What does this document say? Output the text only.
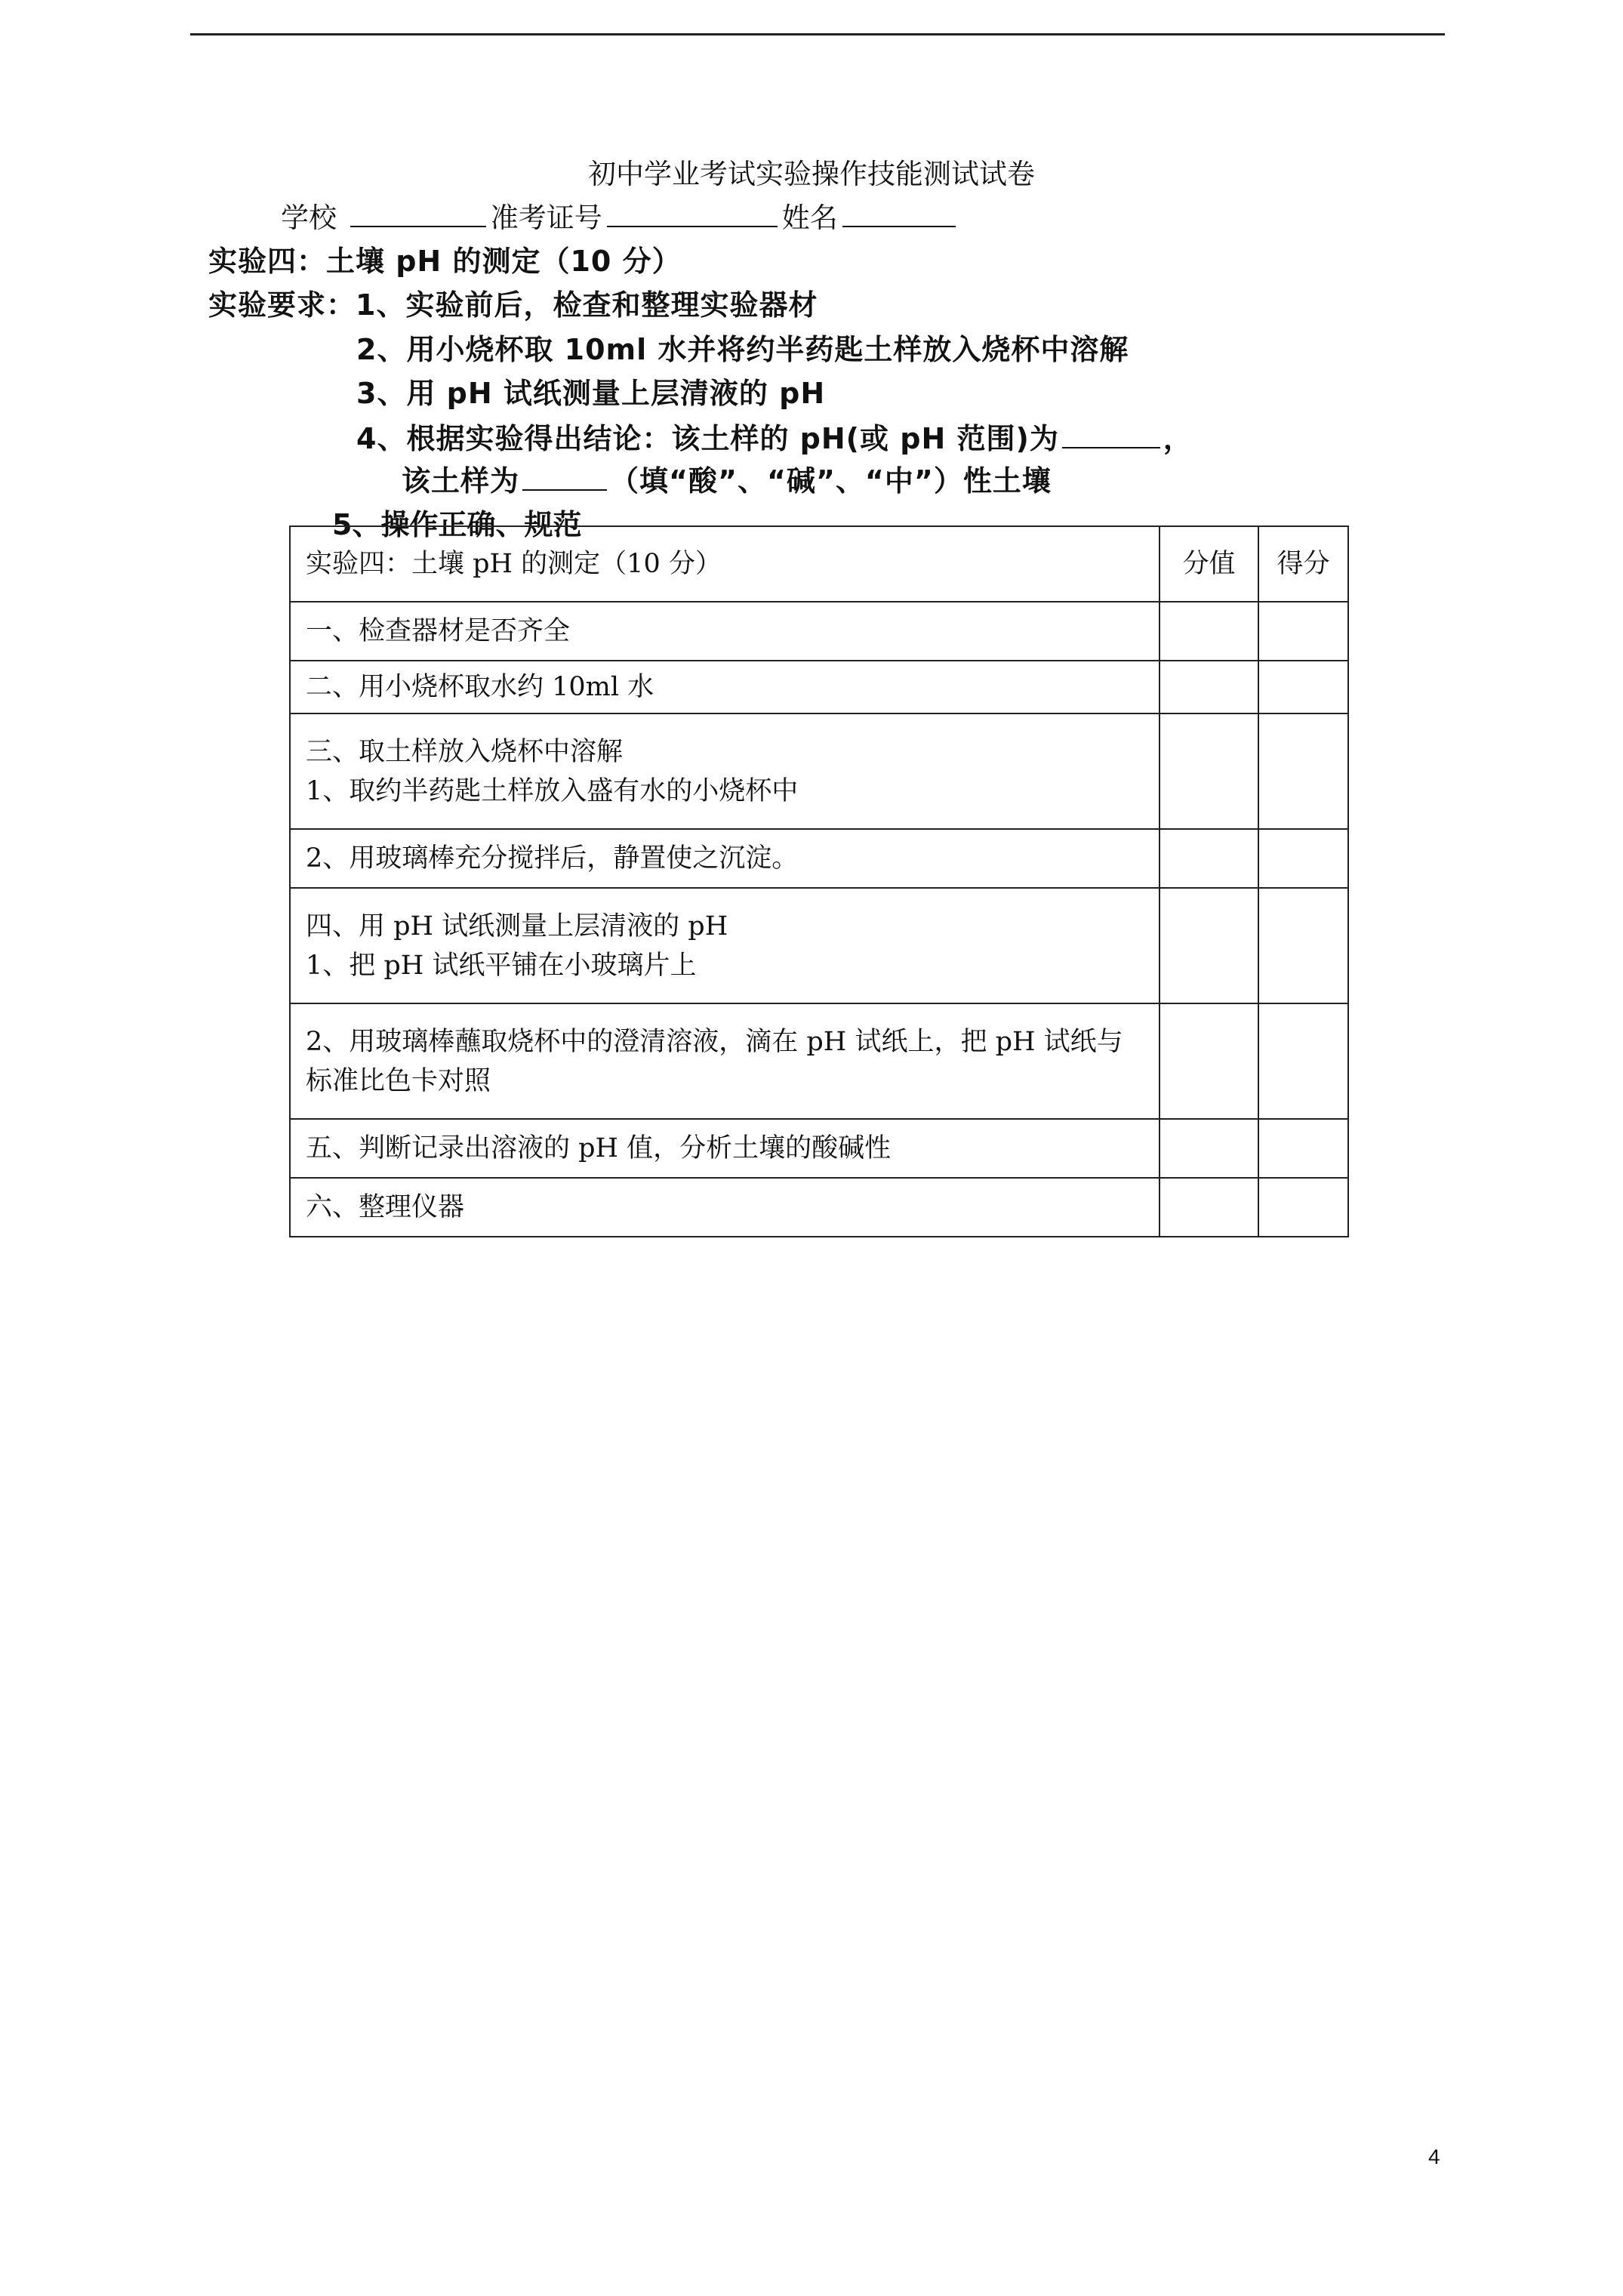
初中学业考试实验操作技能测试试卷
学校	准考证号	姓名
实验四：土壤 pH 的测定（10 分）
实验要求：1、实验前后，检查和整理实验器材
2、用小烧杯取 10ml 水并将约半药匙土样放入烧杯中溶解
3、用 pH 试纸测量上层清液的 pH
4、根据实验得出结论：该土样的 pH(或 pH 范围)为	，
该土样为	（填“酸”、“碱”、“中”）性土壤
5、操作正确、规范
实验四：土壤 pH 的测定（10 分）	分值	得分
一、检查器材是否齐全		
二、用小烧杯取水约 10ml 水		

三、取土样放入烧杯中溶解
1、取约半药匙土样放入盛有水的小烧杯中		

2、用玻璃棒充分搅拌后，静置使之沉淀。		

四、用 pH 试纸测量上层清液的 pH
1、把 pH 试纸平铺在小玻璃片上		

2、用玻璃棒蘸取烧杯中的澄清溶液，滴在 pH 试纸上，把 pH 试纸与
标准比色卡对照		

五、判断记录出溶液的 pH 值，分析土壤的酸碱性		
六、整理仪器		
4
